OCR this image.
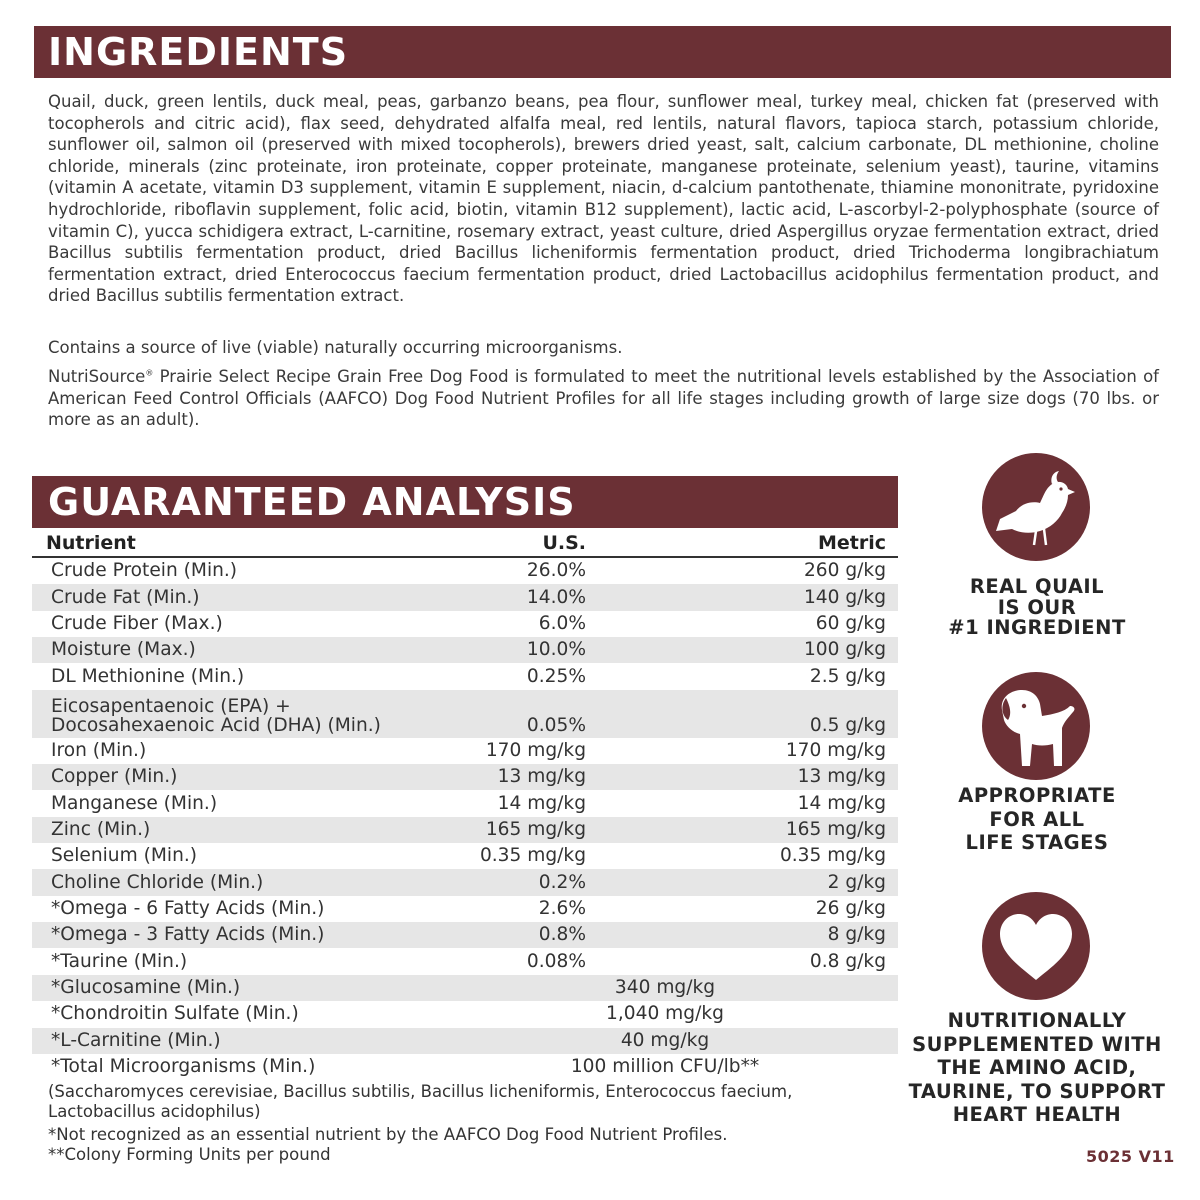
INGREDIENTS

Quail, duck, green lentils, duck meal, peas, garbanzo beans, pea flour, sunflower meal, turkey meal, chicken fat (preserved with tocopherols and citric acid), flax seed, dehydrated alfalfa meal, red lentils, natural flavors, tapioca starch, potassium chloride, sunflower oil, salmon oil (preserved with mixed tocopherols), brewers dried yeast, salt, calcium carbonate, DL methionine, choline chloride, minerals (zinc proteinate, iron proteinate, copper proteinate, manganese proteinate, selenium yeast), taurine, vitamins (vitamin A acetate, vitamin D3 supplement, vitamin E supplement, niacin, d-calcium pantothenate, thiamine mononitrate, pyridoxine hydrochloride, riboflavin supplement, folic acid, biotin, vitamin B12 supplement), lactic acid, L-ascorbyl-2-polyphosphate (source of vitamin C), yucca schidigera extract, L-carnitine, rosemary extract, yeast culture, dried Aspergillus oryzae fermentation extract, dried Bacillus subtilis fermentation product, dried Bacillus licheniformis fermentation product, dried Trichoderma longibrachiatum fermentation extract, dried Enterococcus faecium fermentation product, dried Lactobacillus acidophilus fermentation product, and dried Bacillus subtilis fermentation extract.

Contains a source of live (viable) naturally occurring microorganisms.

NutriSource® Prairie Select Recipe Grain Free Dog Food is formulated to meet the nutritional levels established by the Association of American Feed Control Officials (AAFCO) Dog Food Nutrient Profiles for all life stages including growth of large size dogs (70 lbs. or more as an adult).

GUARANTEED ANALYSIS
Nutrient	U.S.	Metric
Crude Protein (Min.)	26.0%	260 g/kg
Crude Fat (Min.)	14.0%	140 g/kg
Crude Fiber (Max.)	6.0%	60 g/kg
Moisture (Max.)	10.0%	100 g/kg
DL Methionine (Min.)	0.25%	2.5 g/kg

Eicosapentaenoic (EPA) +
Docosahexaenoic Acid (DHA) (Min.)	0.05%	0.5 g/kg
Iron (Min.)	170 mg/kg	170 mg/kg
Copper (Min.)	13 mg/kg	13 mg/kg
Manganese (Min.)	14 mg/kg	14 mg/kg
Zinc (Min.)	165 mg/kg	165 mg/kg
Selenium (Min.)	0.35 mg/kg	0.35 mg/kg
Choline Chloride (Min.)	0.2%	2 g/kg
*Omega - 6 Fatty Acids (Min.)	2.6%	26 g/kg
*Omega - 3 Fatty Acids (Min.)	0.8%	8 g/kg
*Taurine (Min.)	0.08%	0.8 g/kg
*Glucosamine (Min.)	340 mg/kg	
*Chondroitin Sulfate (Min.)	1,040 mg/kg	
*L-Carnitine (Min.)	40 mg/kg	
*Total Microorganisms (Min.)	100 million CFU/lb**	

(Saccharomyces cerevisiae, Bacillus subtilis, Bacillus licheniformis, Enterococcus faecium, Lactobacillus acidophilus)

*Not recognized as an essential nutrient by the AAFCO Dog Food Nutrient Profiles.

**Colony Forming Units per pound

REAL QUAIL
IS OUR
#1 INGREDIENT

APPROPRIATE
FOR ALL
LIFE STAGES

NUTRITIONALLY
SUPPLEMENTED WITH
THE AMINO ACID,
TAURINE, TO SUPPORT
HEART HEALTH

5025 V11
